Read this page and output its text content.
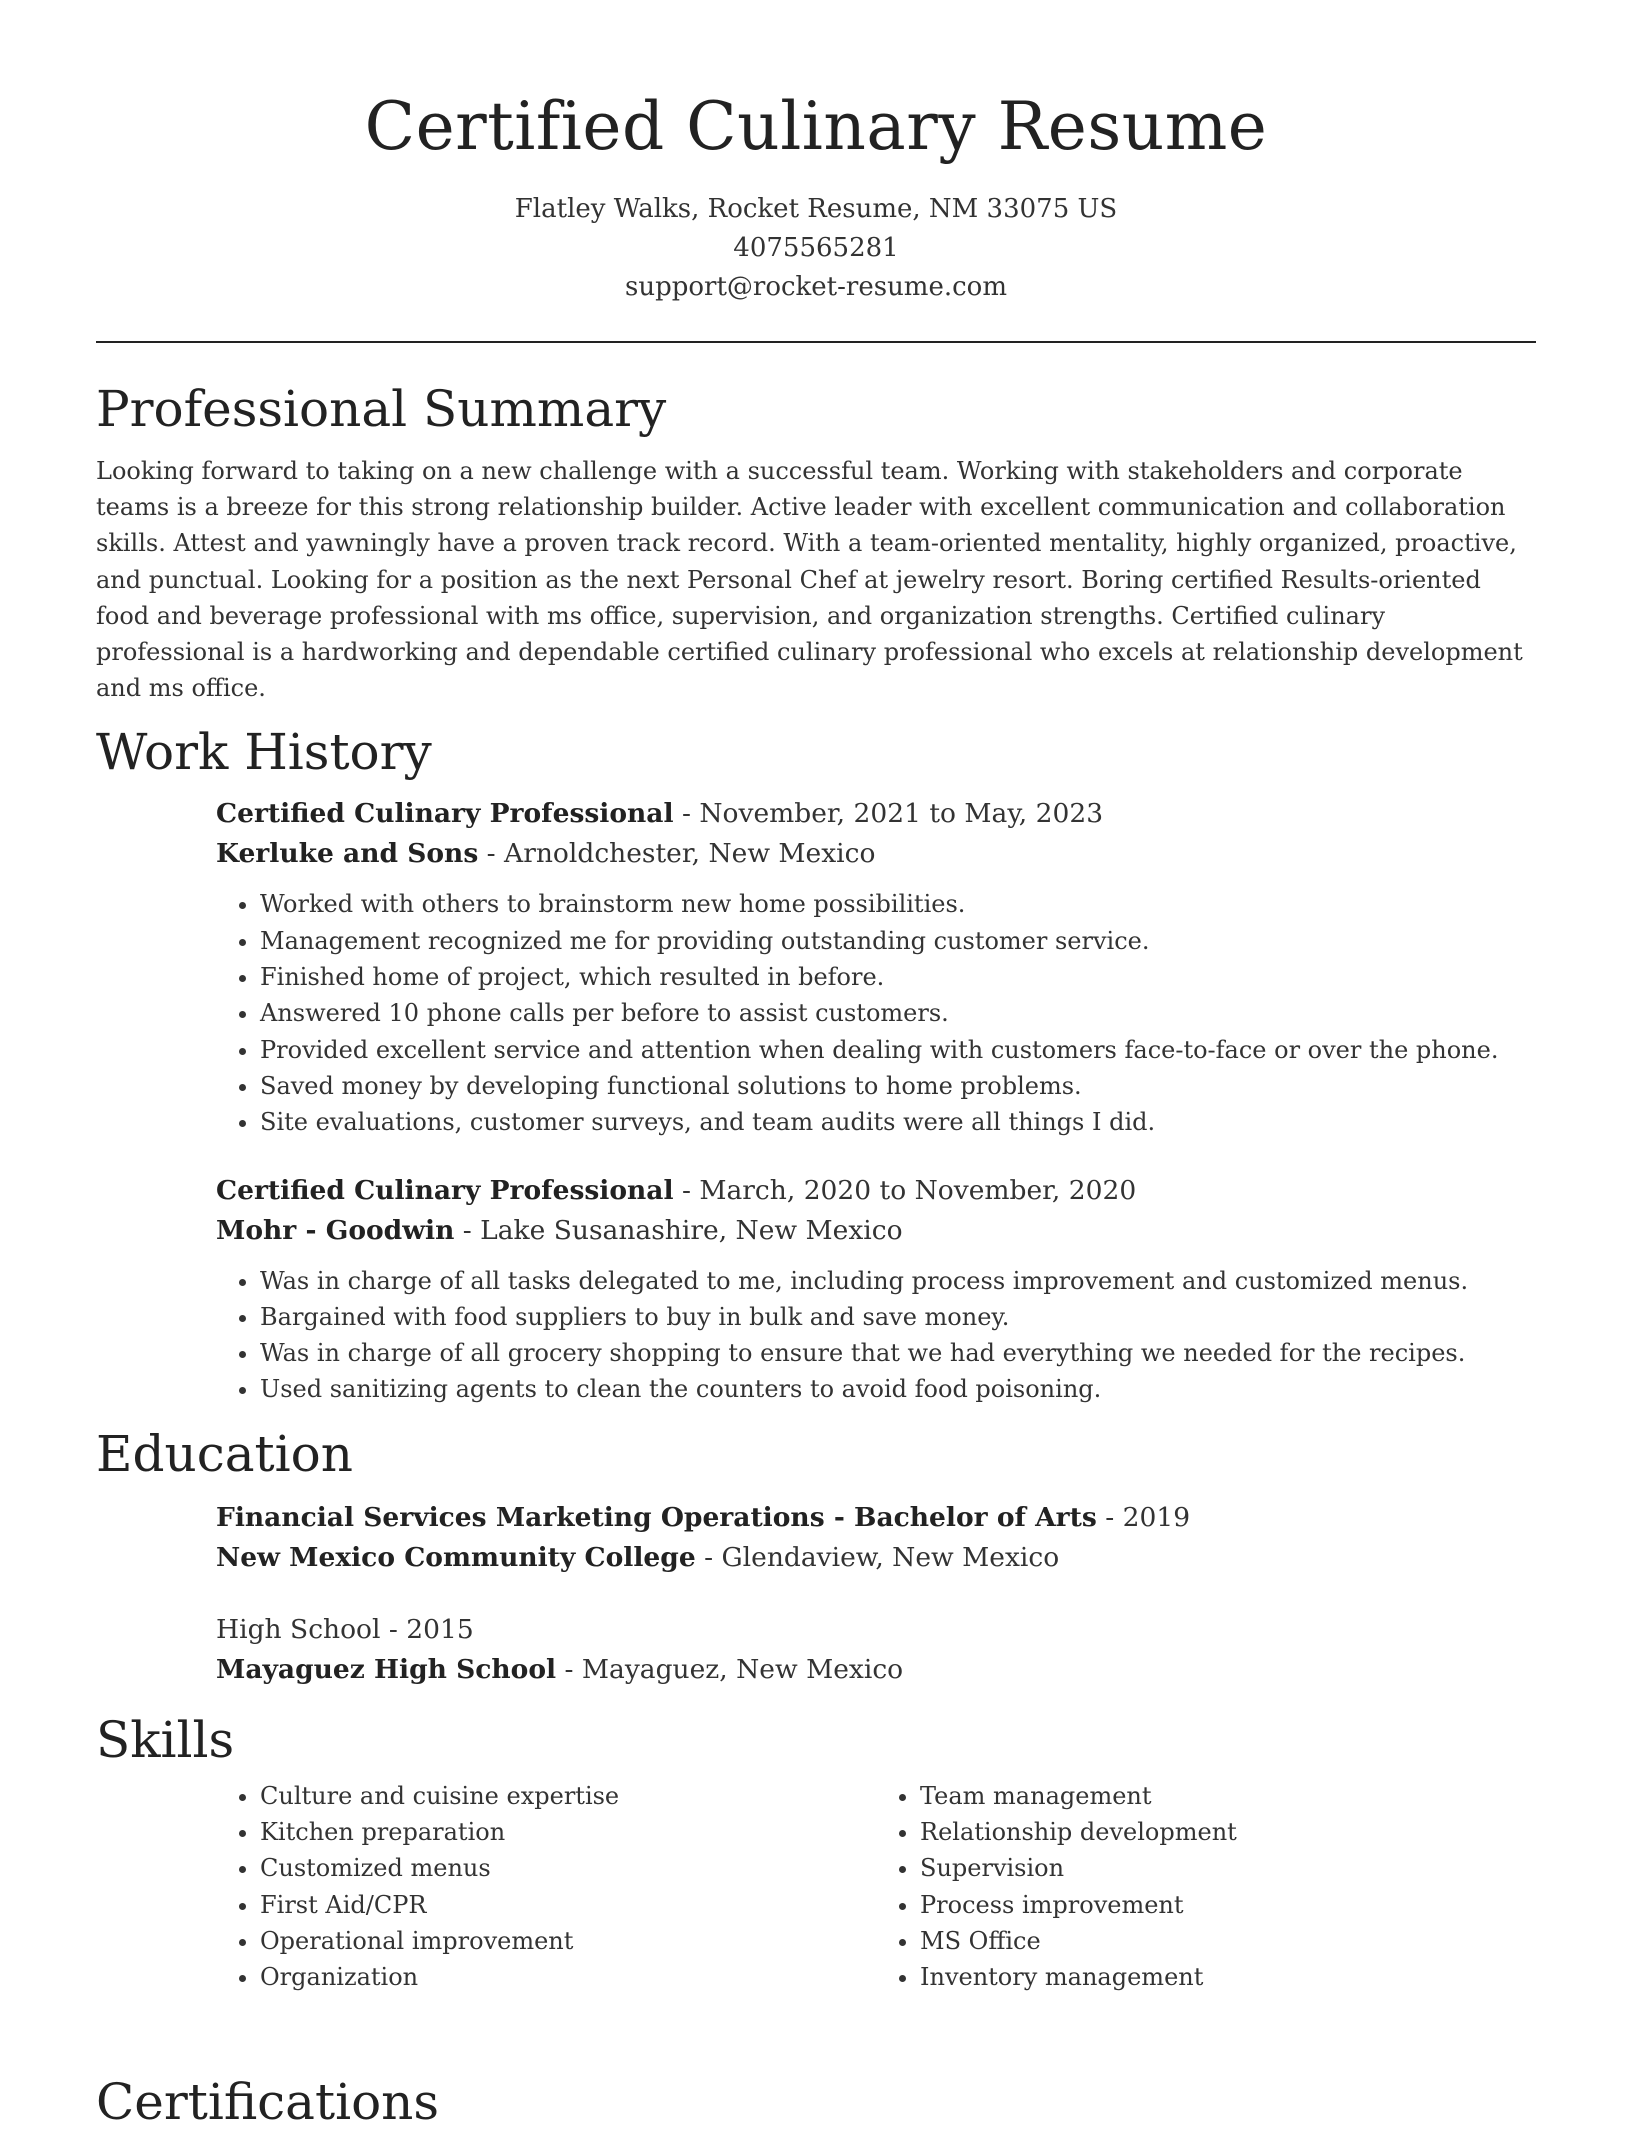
Certified Culinary Resume
Flatley Walks, Rocket Resume, NM 33075 US
4075565281
support@rocket-resume.com
Professional Summary

Looking forward to taking on a new challenge with a successful team. Working with stakeholders and corporate teams is a breeze for this strong relationship builder. Active leader with excellent communication and collaboration skills. Attest and yawningly have a proven track record. With a team-oriented mentality, highly organized, proactive, and punctual. Looking for a position as the next Personal Chef at jewelry resort. Boring certified Results-oriented food and beverage professional with ms office, supervision, and organization strengths. Certified culinary professional is a hardworking and dependable certified culinary professional who excels at relationship development and ms office.

Work History
Certified Culinary Professional - November, 2021 to May, 2023
Kerluke and Sons - Arnoldchester, New Mexico
• Worked with others to brainstorm new home possibilities.
• Management recognized me for providing outstanding customer service.
• Finished home of project, which resulted in before.
• Answered 10 phone calls per before to assist customers.
• Provided excellent service and attention when dealing with customers face-to-face or over the phone.
• Saved money by developing functional solutions to home problems.
• Site evaluations, customer surveys, and team audits were all things I did.
Certified Culinary Professional - March, 2020 to November, 2020
Mohr - Goodwin - Lake Susanashire, New Mexico
• Was in charge of all tasks delegated to me, including process improvement and customized menus.
• Bargained with food suppliers to buy in bulk and save money.
• Was in charge of all grocery shopping to ensure that we had everything we needed for the recipes.
• Used sanitizing agents to clean the counters to avoid food poisoning.
Education
Financial Services Marketing Operations - Bachelor of Arts - 2019
New Mexico Community College - Glendaview, New Mexico
High School - 2015
Mayaguez High School - Mayaguez, New Mexico
Skills
• Culture and cuisine expertise
• Kitchen preparation
• Customized menus
• First Aid/CPR
• Operational improvement
• Organization
• Team management
• Relationship development
• Supervision
• Process improvement
• MS Office
• Inventory management
Certifications
